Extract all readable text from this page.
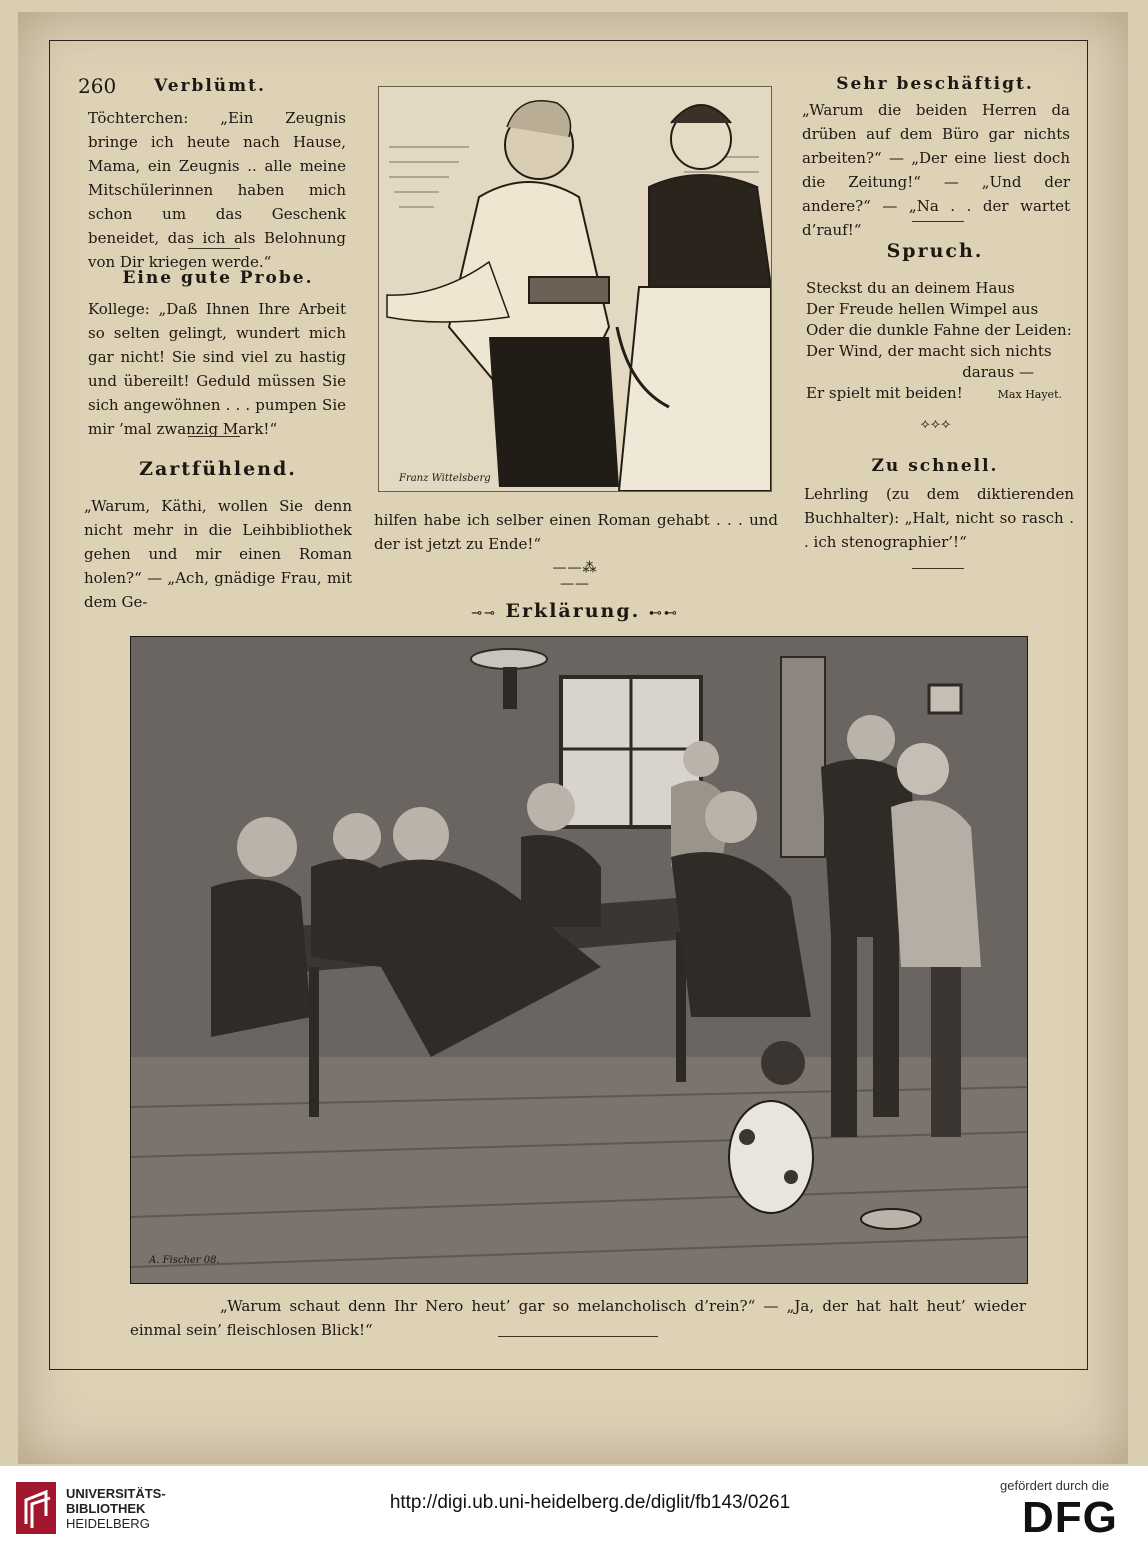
260	Verblümt.
Töchterchen: „Ein Zeugnis bringe ich heute nach Hause, Mama, ein Zeugnis .. alle meine Mitschülerinnen haben mich schon um das Geschenk beneidet, das ich als Belohnung von Dir kriegen werde.“
Eine gute Probe.
Kollege: „Daß Ihnen Ihre Arbeit so selten gelingt, wundert mich gar nicht! Sie sind viel zu hastig und übereilt! Geduld müssen Sie sich angewöhnen . . . pumpen Sie mir ’mal zwanzig Mark!“
Zartfühlend.
„Warum, Käthi, wollen Sie denn nicht mehr in die Leihbibliothek gehen und mir einen Roman holen?“ — „Ach, gnädige Frau, mit dem Ge-
Franz Wittelsberg
hilfen habe ich selber einen Roman gehabt . . . und der ist jetzt zu Ende!“
——⁂——
Sehr beschäftigt.
„Warum die beiden Herren da drüben auf dem Büro gar nichts arbeiten?“ — „Der eine liest doch die Zeitung!“ — „Und der andere?“ — „Na . . der wartet d’rauf!“
Spruch.
Steckst du an deinem Haus
Der Freude hellen Wimpel aus
Oder die dunkle Fahne der Leiden:
Der Wind, der macht sich nichts
daraus —
Er spielt mit beiden!	Max Hayet.
⟡⟡⟡
Zu schnell.
Lehrling (zu dem diktierenden Buchhalter): „Halt, nicht so rasch . . ich stenographier’!“
⊸⊸ Erklärung. ⊷⊷
A. Fischer 08.
„Warum schaut denn Ihr Nero heut’ gar so melancholisch d’rein?“ — „Ja, der hat halt heut’ wieder einmal sein’ fleischlosen Blick!“
UNIVERSITÄTS-
BIBLIOTHEK
HEIDELBERG
http://digi.ub.uni-heidelberg.de/diglit/fb143/0261
gefördert durch die
DFG
